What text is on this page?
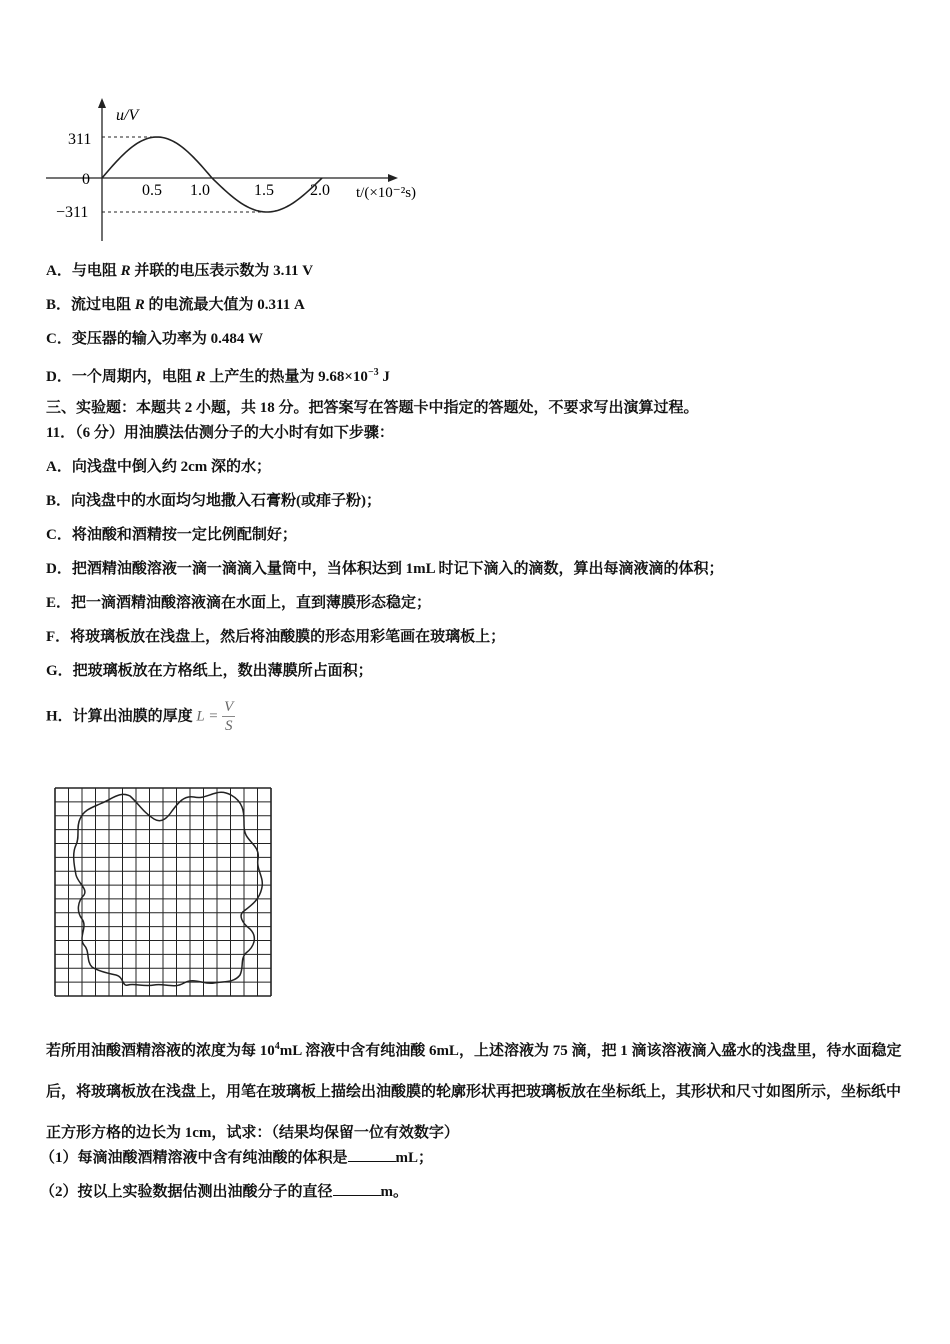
u/V
311
0
−311
0.5 1.0	1.5 2.0 t/(×10⁻²s)
A．与电阻 R 并联的电压表示数为 3.11 V
B．流过电阻 R 的电流最大值为 0.311 A
C．变压器的输入功率为 0.484 W
D．一个周期内，电阻 R 上产生的热量为 $9.68\times 10^{-3}$ J
三、实验题：本题共 2 小题，共 18 分。把答案写在答题卡中指定的答题处，不要求写出演算过程。
11．（6 分）用油膜法估测分子的大小时有如下步骤：
A．向浅盘中倒入约 2cm 深的水；
B．向浅盘中的水面均匀地撒入石膏粉(或痱子粉)；
C．将油酸和酒精按一定比例配制好；
D．把酒精油酸溶液一滴一滴滴入量筒中，当体积达到 1mL 时记下滴入的滴数，算出每滴液滴的体积；
E．把一滴酒精油酸溶液滴在水面上，直到薄膜形态稳定；
F．将玻璃板放在浅盘上，然后将油酸膜的形态用彩笔画在玻璃板上；
G．把玻璃板放在方格纸上，数出薄膜所占面积；
H．计算出油膜的厚度 $L = \frac{V}{S}$
若所用油酸酒精溶液的浓度为每 $10^4mL$ 溶液中含有纯油酸 6mL，上述溶液为 75 滴，把 1 滴该溶液滴入盛水的浅盘里，待水面稳定后，将玻璃板放在浅盘上，用笔在玻璃板上描绘出油酸膜的轮廓形状再把玻璃板放在坐标纸上，其形状和尺寸如图所示，坐标纸中正方形方格的边长为 1cm，试求：（结果均保留一位有效数字）
（1）每滴油酸酒精溶液中含有纯油酸的体积是	mL；
（2）按以上实验数据估测出油酸分子的直径	m。
